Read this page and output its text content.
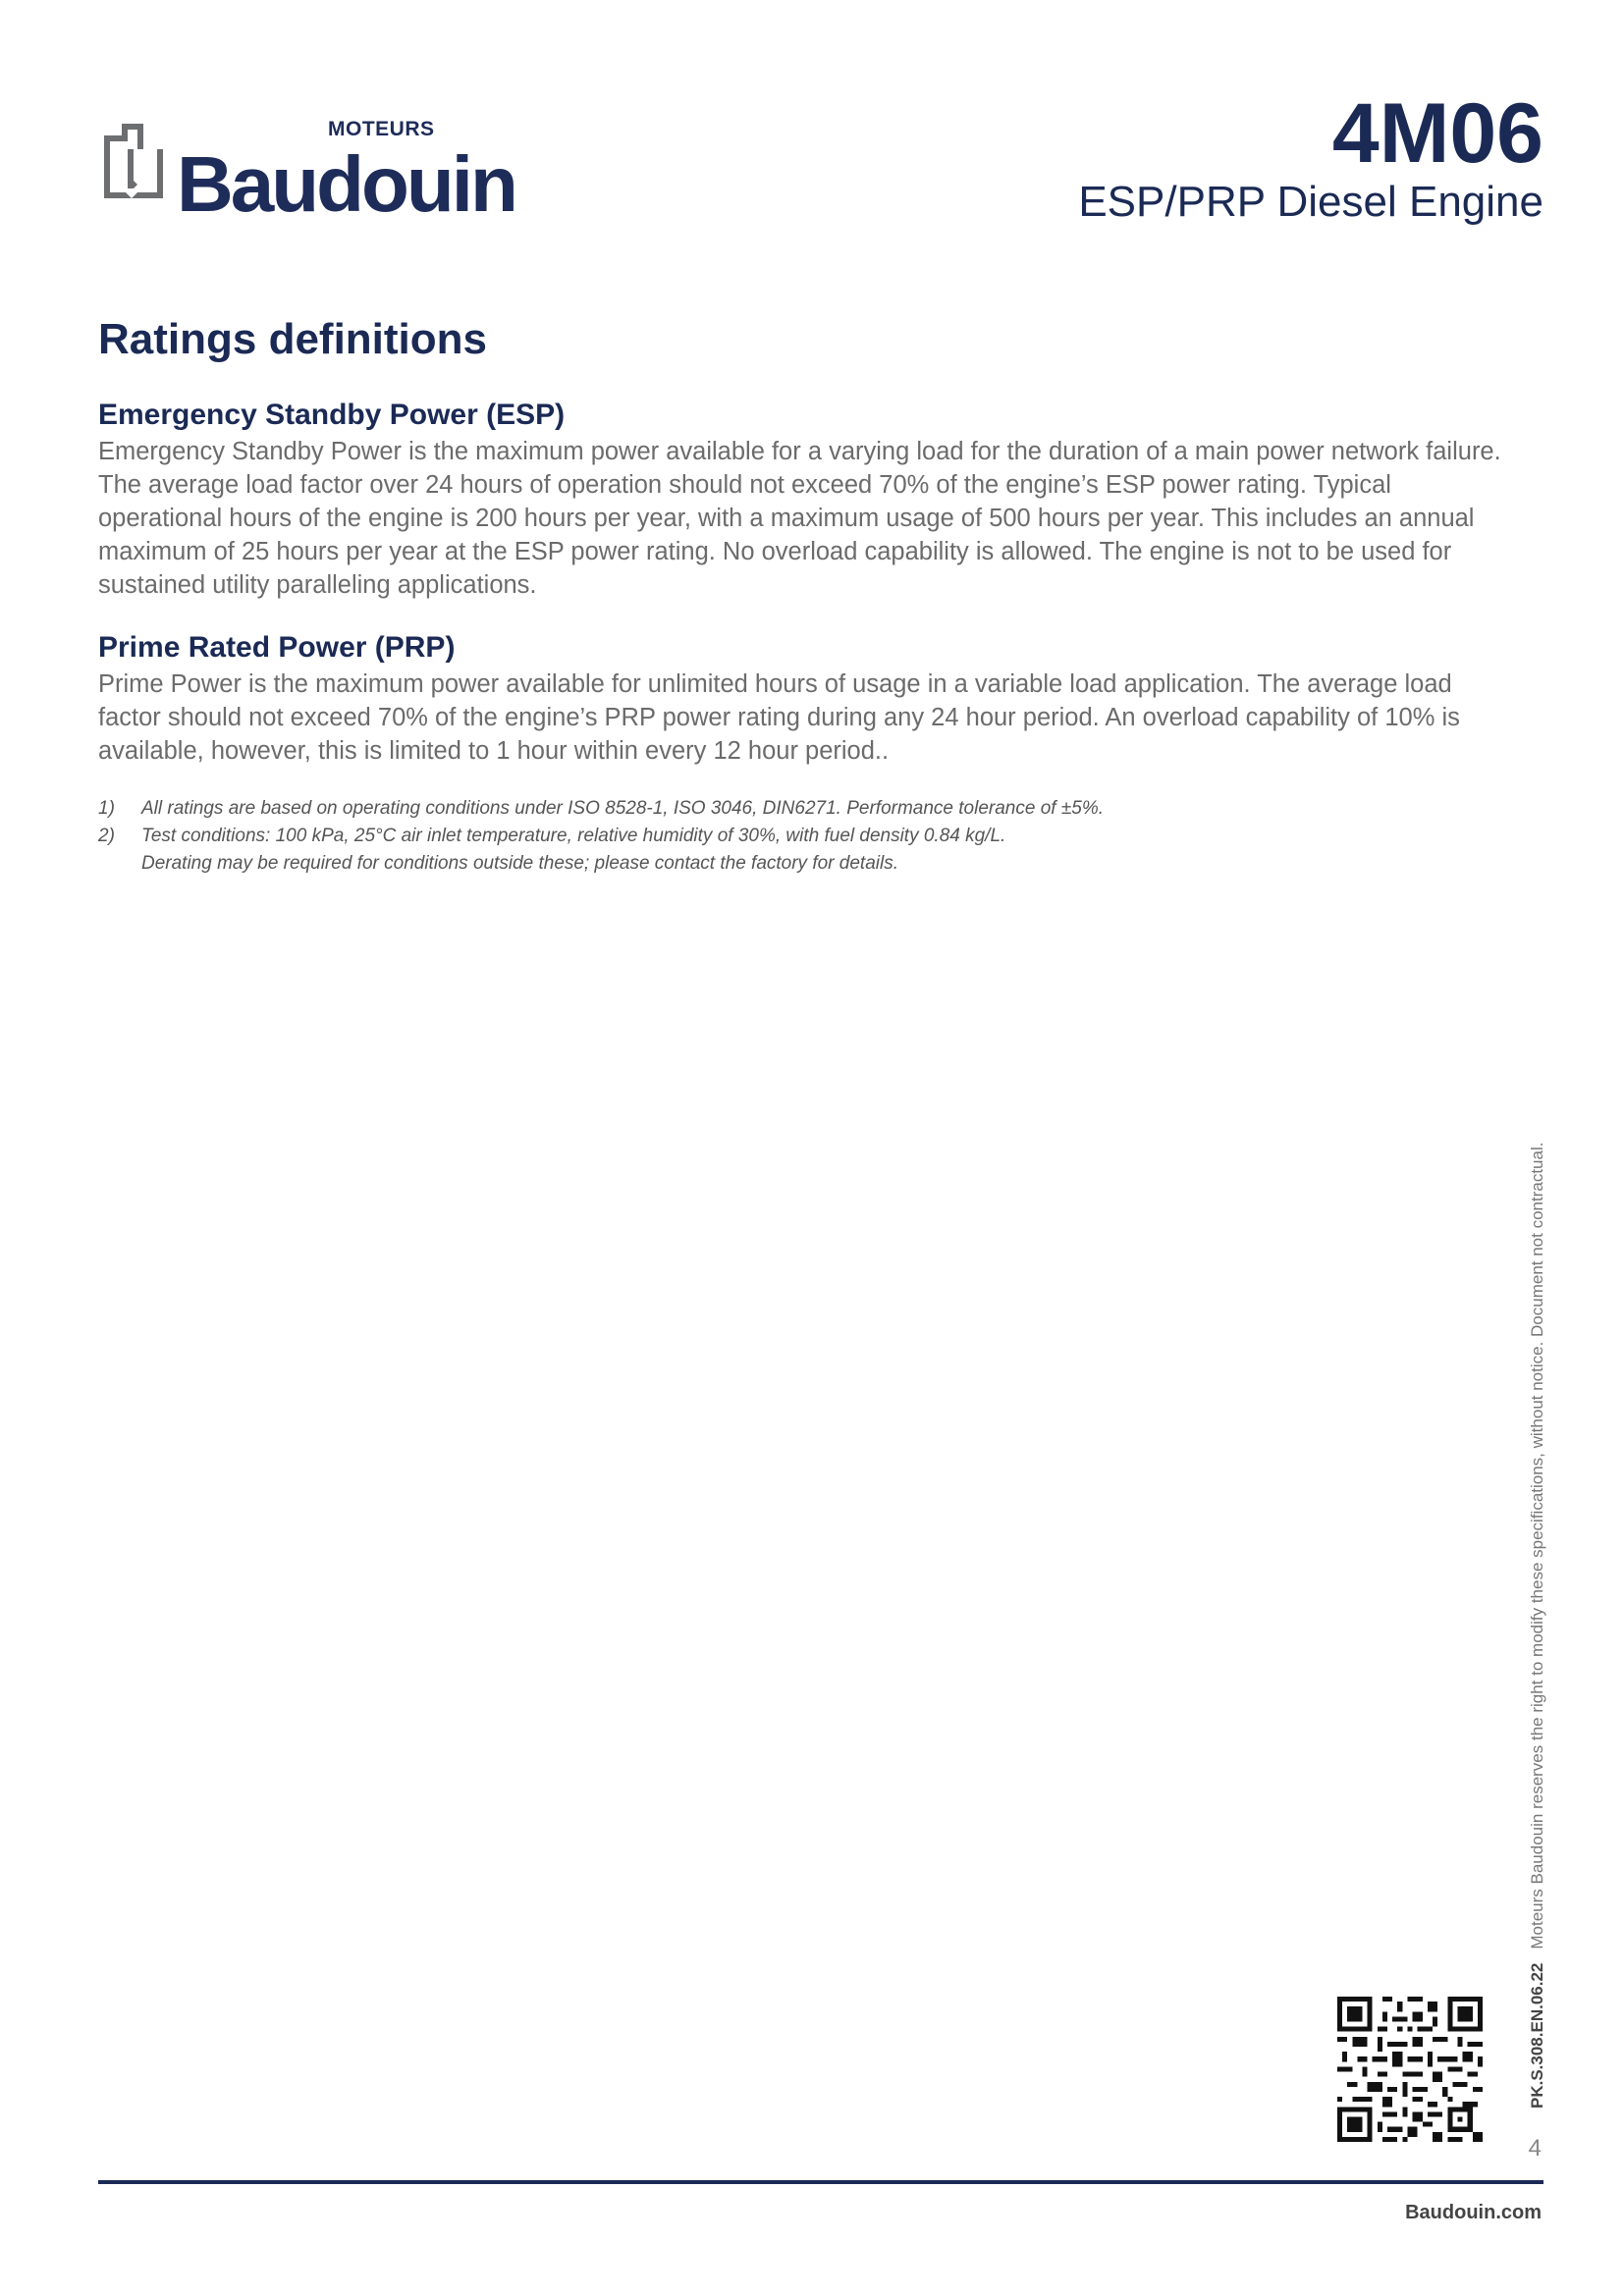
MOTEURS
Baudouin
4M06
ESP/PRP Diesel Engine
Ratings definitions
Emergency Standby Power (ESP)

Emergency Standby Power is the maximum power available for a varying load for the duration of a main power network failure. The average load factor over 24 hours of operation should not exceed 70% of the engine’s ESP power rating. Typical operational hours of the engine is 200 hours per year, with a maximum usage of 500 hours per year. This includes an annual maximum of 25 hours per year at the ESP power rating. No overload capability is allowed. The engine is not to be used for sustained utility paralleling applications.

Prime Rated Power (PRP)

Prime Power is the maximum power available for unlimited hours of usage in a variable load application. The average load factor should not exceed 70% of the engine’s PRP power rating during any 24 hour period. An overload capability of 10% is available, however, this is limited to 1 hour within every 12 hour period..

1) All ratings are based on operating conditions under ISO 8528-1, ISO 3046, DIN6271. Performance tolerance of ±5%.
2) Test conditions: 100 kPa, 25°C air inlet temperature, relative humidity of 30%, with fuel density 0.84 kg/L.
Derating may be required for conditions outside these; please contact the factory for details.
PK.S.308.EN.06.22Moteurs Baudouin reserves the right to modify these specifications, without notice. Document not contractual.
4
Baudouin.com
